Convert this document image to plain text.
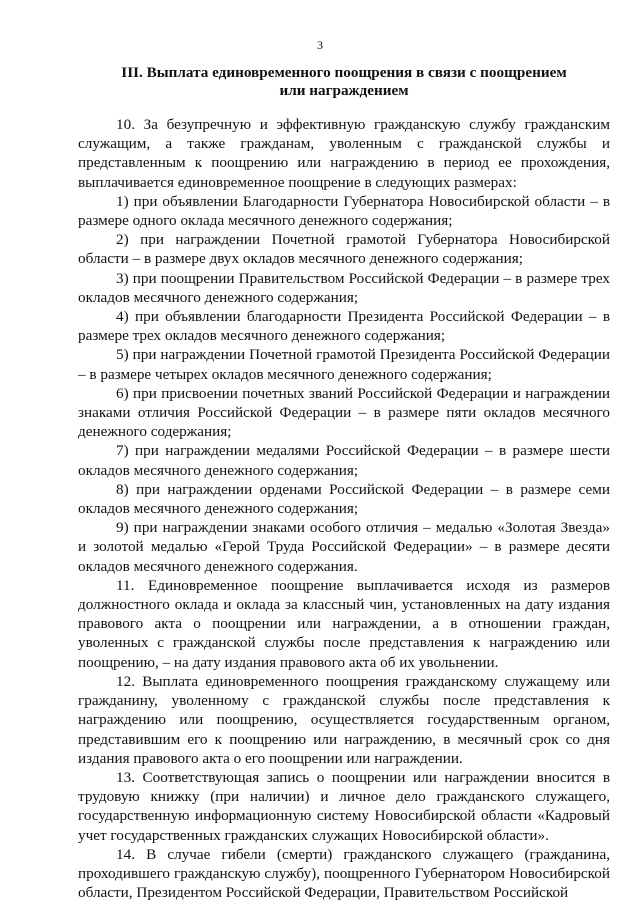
3
III. Выплата единовременного поощрения в связи с поощрением
или награждением

10. За безупречную и эффективную гражданскую службу гражданским служащим, а также гражданам, уволенным с гражданской службы и представленным к поощрению или награждению в период ее прохождения, выплачивается единовременное поощрение в следующих размерах:

1) при объявлении Благодарности Губернатора Новосибирской области – в размере одного оклада месячного денежного содержания;

2) при награждении Почетной грамотой Губернатора Новосибирской области – в размере двух окладов месячного денежного содержания;

3) при поощрении Правительством Российской Федерации – в размере трех окладов месячного денежного содержания;

4) при объявлении благодарности Президента Российской Федерации – в размере трех окладов месячного денежного содержания;

5) при награждении Почетной грамотой Президента Российской Федерации – в размере четырех окладов месячного денежного содержания;

6) при присвоении почетных званий Российской Федерации и награждении знаками отличия Российской Федерации – в размере пяти окладов месячного денежного содержания;

7) при награждении медалями Российской Федерации – в размере шести окладов месячного денежного содержания;

8) при награждении орденами Российской Федерации – в размере семи окладов месячного денежного содержания;

9) при награждении знаками особого отличия – медалью «Золотая Звезда» и золотой медалью «Герой Труда Российской Федерации» – в размере десяти окладов месячного денежного содержания.

11. Единовременное поощрение выплачивается исходя из размеров должностного оклада и оклада за классный чин, установленных на дату издания правового акта о поощрении или награждении, а в отношении граждан, уволенных с гражданской службы после представления к награждению или поощрению, – на дату издания правового акта об их увольнении.

12. Выплата единовременного поощрения гражданскому служащему или гражданину, уволенному с гражданской службы после представления к награждению или поощрению, осуществляется государственным органом, представившим его к поощрению или награждению, в месячный срок со дня издания правового акта о его поощрении или награждении.

13. Соответствующая запись о поощрении или награждении вносится в трудовую книжку (при наличии) и личное дело гражданского служащего, государственную информационную систему Новосибирской области «Кадровый учет государственных гражданских служащих Новосибирской области».

14. В случае гибели (смерти) гражданского служащего (гражданина, проходившего гражданскую службу), поощренного Губернатором Новосибирской области, Президентом Российской Федерации, Правительством Российской
